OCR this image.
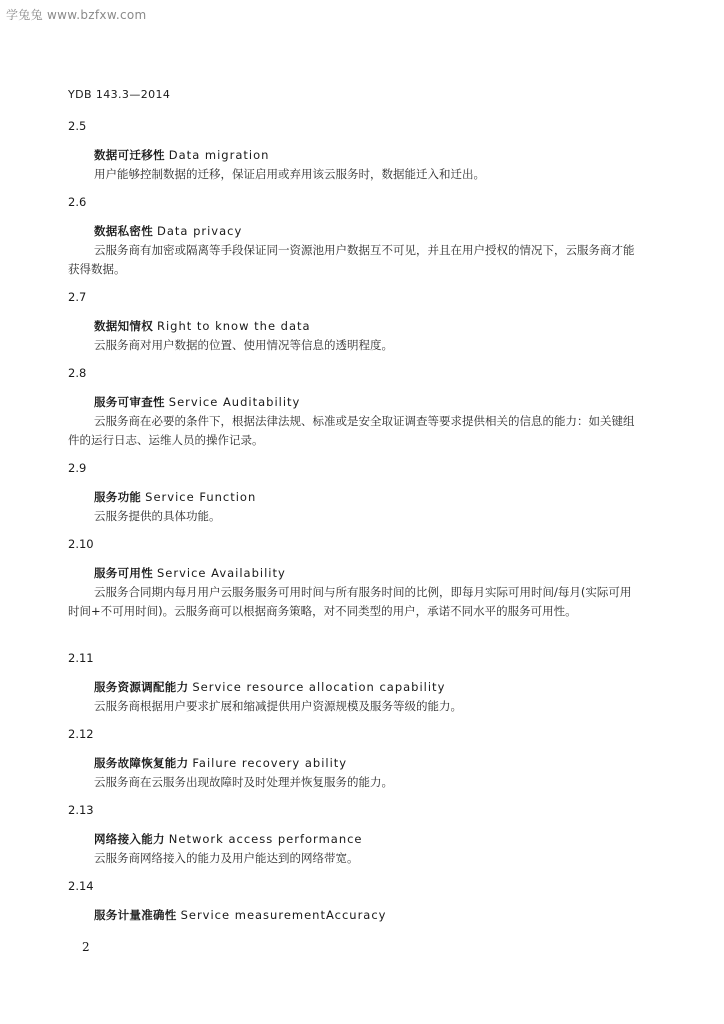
学兔兔 www.bzfxw.com
YDB 143.3—2014
2.5
数据可迁移性 Data migration
用户能够控制数据的迁移，保证启用或弃用该云服务时，数据能迁入和迁出。
2.6
数据私密性 Data privacy
云服务商有加密或隔离等手段保证同一资源池用户数据互不可见，并且在用户授权的情况下，云服务商才能获得数据。
2.7
数据知情权 Right to know the data
云服务商对用户数据的位置、使用情况等信息的透明程度。
2.8
服务可审查性 Service Auditability
云服务商在必要的条件下，根据法律法规、标准或是安全取证调查等要求提供相关的信息的能力：如关键组件的运行日志、运维人员的操作记录。
2.9
服务功能 Service Function
云服务提供的具体功能。
2.10
服务可用性 Service Availability
云服务合同期内每月用户云服务服务可用时间与所有服务时间的比例，即每月实际可用时间/每月(实际可用时间+不可用时间)。云服务商可以根据商务策略，对不同类型的用户，承诺不同水平的服务可用性。
2.11
服务资源调配能力 Service resource allocation capability
云服务商根据用户要求扩展和缩减提供用户资源规模及服务等级的能力。
2.12
服务故障恢复能力 Failure recovery ability
云服务商在云服务出现故障时及时处理并恢复服务的能力。
2.13
网络接入能力 Network access performance
云服务商网络接入的能力及用户能达到的网络带宽。
2.14
服务计量准确性 Service measurementAccuracy
2
